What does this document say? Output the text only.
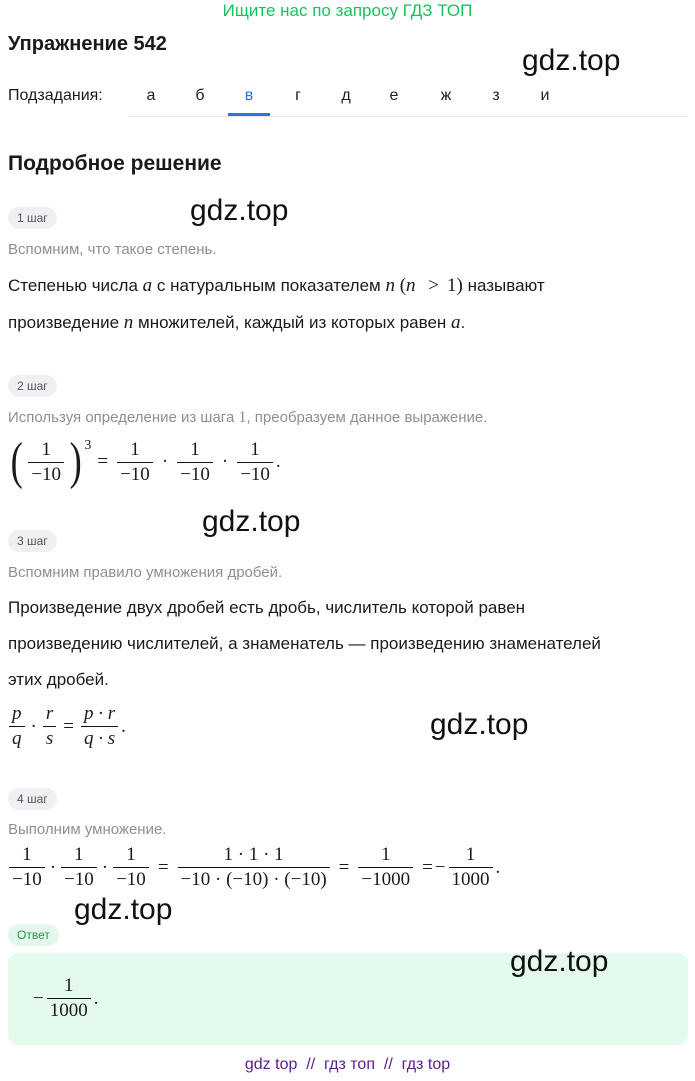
Ищите нас по запросу ГДЗ ТОП
Упражнение 542	gdz.top
Подзадания:	а	б	в	г	д	е	ж	з	и
Подробное решение
1 шаг	gdz.top
Вспомним, что такое степень.
Степенью числа a с натуральным показателем n (n > 1) называют
произведение n множителей, каждый из которых равен a.
2 шаг
Используя определение из шага 1, преобразуем данное выражение.
( $\frac{1}{-10}$ ) 3
= $\frac{1}{-10} \cdot \frac{1}{-10} \cdot \frac{1}{-10}$ .
gdz.top
3 шаг
Вспомним правило умножения дробей.
Произведение двух дробей есть дробь, числитель которой равен
произведению числителей, а знаменатель — произведению знаменателей
этих дробей.
$\frac{p}{q} \cdot \frac{r}{s} = \frac{p \cdot r}{q \cdot s}$ .	gdz.top
4 шаг
Выполним умножение.
$\frac{1}{-10} \cdot \frac{1}{-10} \cdot \frac{1}{-10} = \frac{1 \cdot 1 \cdot 1}{-10 \cdot (-10) \cdot (-10)} = \frac{1}{-1000}$ = − $\frac{1}{1000}$ .
gdz.top
Ответ
gdz.top
− $\frac{1}{1000}$ .
gdz top  //  гдз топ  //  гдз top
